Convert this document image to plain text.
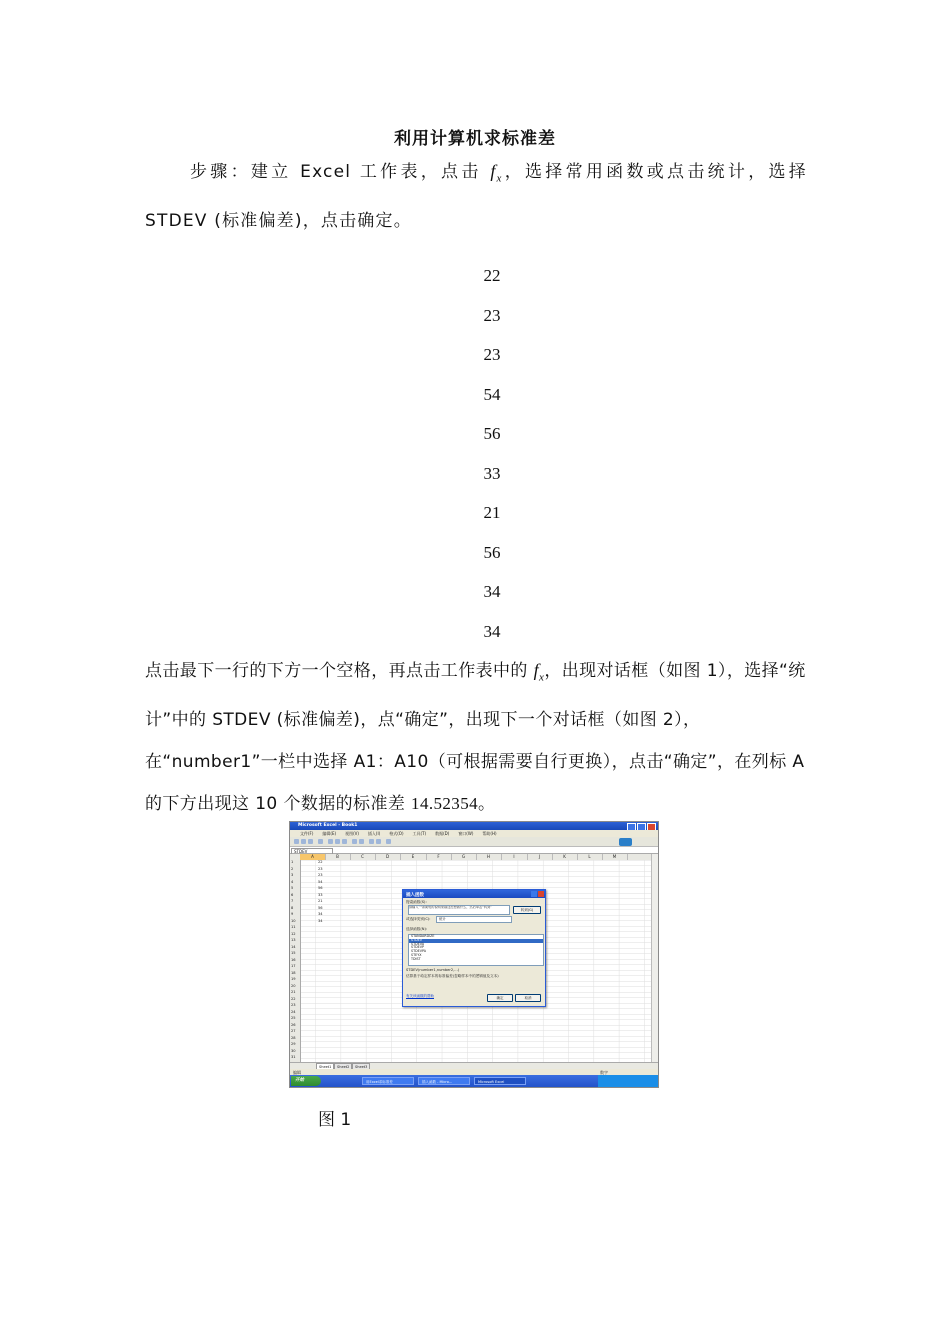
利用计算机求标准差
步骤：建立 Excel 工作表，点击 $f_x$，选择常用函数或点击统计，选择 STDEV (标准偏差)，点击确定。
22
23
23
54
56
33
21
56
34
34
点击最下一行的下方一个空格，再点击工作表中的 $f_x$，出现对话框（如图 1），选择“统计”中的 STDEV (标准偏差)，点“确定”，出现下一个对话框（如图 2），在“number1”一栏中选择 A1：A10（可根据需要自行更换），点击“确定”，在列标 A 的下方出现这 10 个数据的标准差 14.52354。
Microsoft Excel - Book1
文件(F) 编辑(E) 视图(V) 插入(I) 格式(O) 工具(T) 数据(D) 窗口(W) 帮助(H)
STDEV
A	B	C	D	E	F	G	H	I	J	K	L	M
1
2
3
4
5
6
7
8
9
10
11
12
13
14
15
16
17
18
19
20
21
22
23
24
25
26
27
28
29
30
31
22
23
23
54
56
33
21
56
34
34
插入函数
搜索函数(S):
请输入一条简短的说明来描述您想做什么，然后单击“转到”
转到(G)
或选择类别(C):	统计
选择函数(N):
STANDARDIZE
STDEV
STDEVA
STDEVP
STDEVPA
STEYX
TDIST
STDEV(number1,number2,...)
估算基于给定样本的标准偏差(忽略样本中的逻辑值及文本)
有关该函数的帮助	确定	取消
Sheet1	Sheet2	Sheet3
编辑	数字
开始	用Excel求标准差	插入函数 - Micro...	Microsoft Excel
图 1
